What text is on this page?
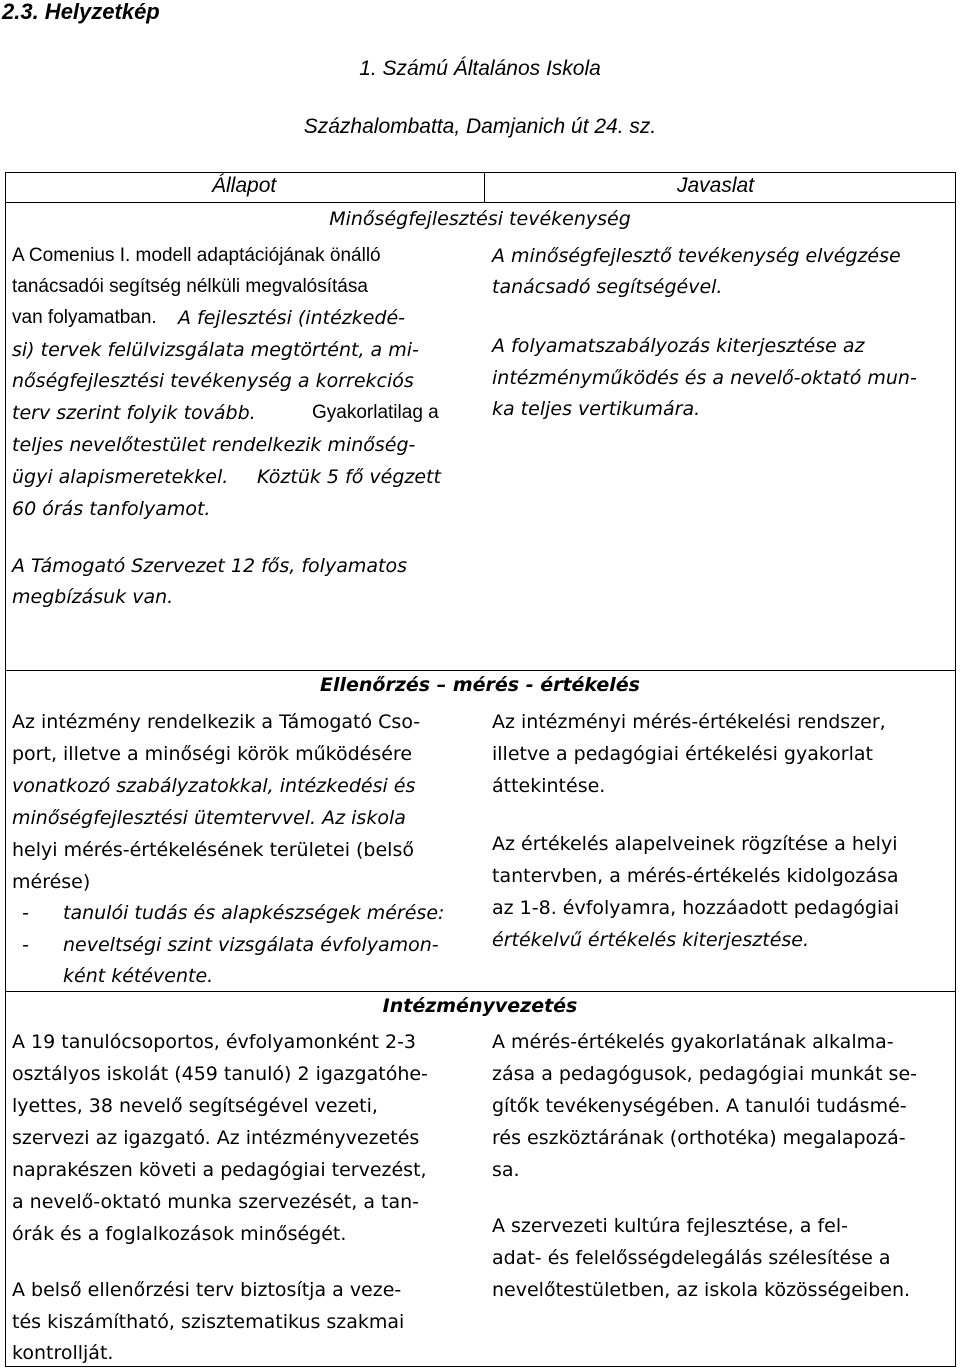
2.3. Helyzetkép
1. Számú Általános Iskola
Százhalombatta, Damjanich út 24. sz.
Állapot	Javaslat
Minőségfejlesztési tevékenység
A Comenius I. modell adaptációjának önálló
tanácsadói segítség nélküli megvalósítása
van folyamatban. A fejlesztési (intézkedé-
si) tervek felülvizsgálata megtörtént, a mi-
nőségfejlesztési tevékenység a korrekciós
terv szerint folyik tovább.	Gyakorlatilag a
teljes nevelőtestület rendelkezik minőség-
ügyi alapismeretekkel. Köztük 5 fő végzett
60 órás tanfolyamot.
A Támogató Szervezet 12 fős, folyamatos
megbízásuk van.
A minőségfejlesztő tevékenység elvégzése
tanácsadó segítségével.
A folyamatszabályozás kiterjesztése az
intézményműködés és a nevelő-oktató mun-
ka teljes vertikumára.
Ellenőrzés – mérés - értékelés
Az intézmény rendelkezik a Támogató Cso-
port, illetve a minőségi körök működésére
vonatkozó szabályzatokkal, intézkedési és
minőségfejlesztési ütemtervvel. Az iskola
helyi mérés-értékelésének területei (belső
mérése)
- tanulói tudás és alapkészségek mérése:
- neveltségi szint vizsgálata évfolyamon-
ként kétévente.
Az intézményi mérés-értékelési rendszer,
illetve a pedagógiai értékelési gyakorlat
áttekintése.
Az értékelés alapelveinek rögzítése a helyi
tantervben, a mérés-értékelés kidolgozása
az 1-8. évfolyamra, hozzáadott pedagógiai
értékelvű értékelés kiterjesztése.
Intézményvezetés
A 19 tanulócsoportos, évfolyamonként 2-3
osztályos iskolát (459 tanuló) 2 igazgatóhe-
lyettes, 38 nevelő segítségével vezeti,
szervezi az igazgató. Az intézményvezetés
naprakészen követi a pedagógiai tervezést,
a nevelő-oktató munka szervezését, a tan-
órák és a foglalkozások minőségét.
A belső ellenőrzési terv biztosítja a veze-
tés kiszámítható, szisztematikus szakmai
kontrollját.
A mérés-értékelés gyakorlatának alkalma-
zása a pedagógusok, pedagógiai munkát se-
gítők tevékenységében. A tanulói tudásmé-
rés eszköztárának (orthotéka) megalapozá-
sa.
A szervezeti kultúra fejlesztése, a fel-
adat- és felelősségdelegálás szélesítése a
nevelőtestületben, az iskola közösségeiben.
